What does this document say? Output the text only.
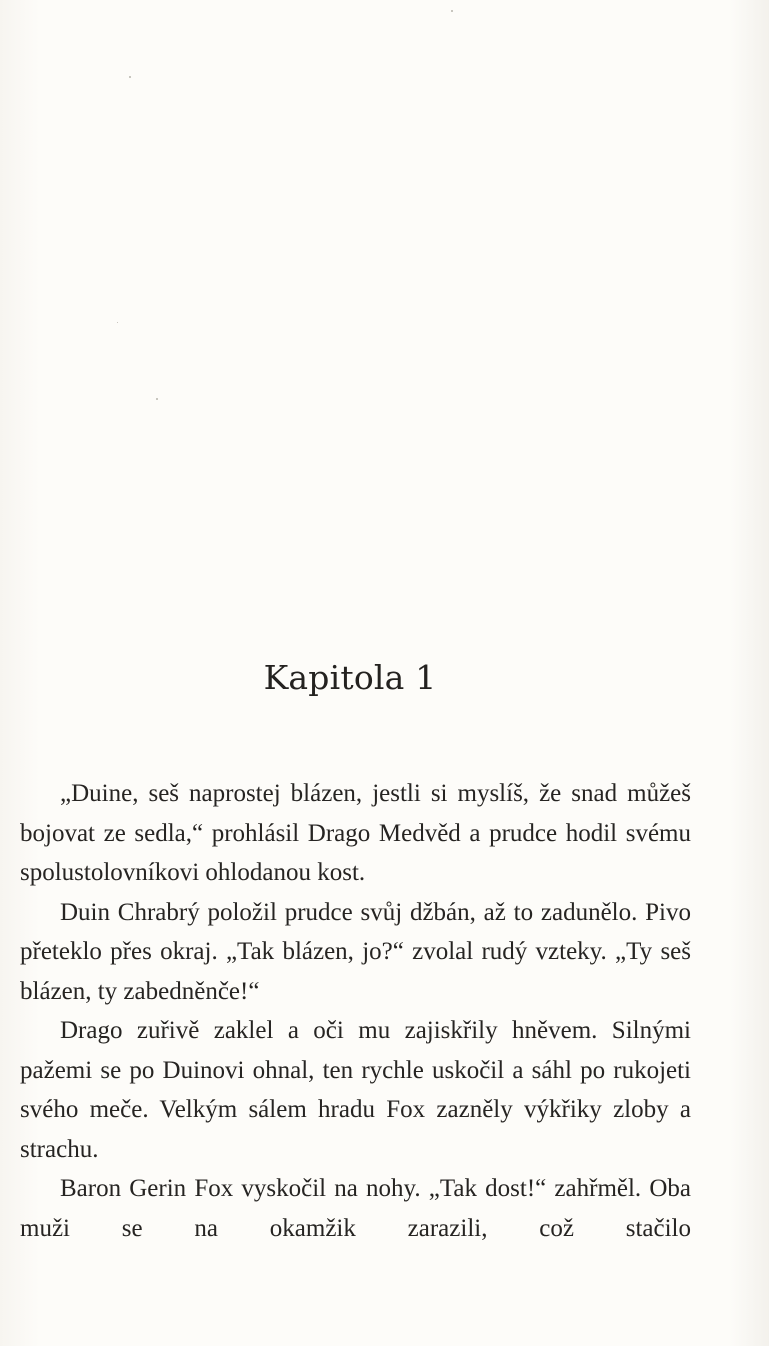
Kapitola 1

„Duine, seš naprostej blázen, jestli si myslíš, že snad můžeš bojovat ze sedla,“ prohlásil Drago Medvěd a prudce hodil svému spolustolovníkovi ohlodanou kost.

Duin Chrabrý položil prudce svůj džbán, až to zadunělo. Pivo přeteklo přes okraj. „Tak blázen, jo?“ zvolal rudý vzteky. „Ty seš blázen, ty zabedněnče!“

Drago zuřivě zaklel a oči mu zajiskřily hněvem. Silnými pažemi se po Duinovi ohnal, ten rychle uskočil a sáhl po rukojeti svého meče. Velkým sálem hradu Fox zazněly výkřiky zloby a strachu.

Baron Gerin Fox vyskočil na nohy. „Tak dost!“ zahřměl. Oba muži se na okamžik zarazili, což stačilo
